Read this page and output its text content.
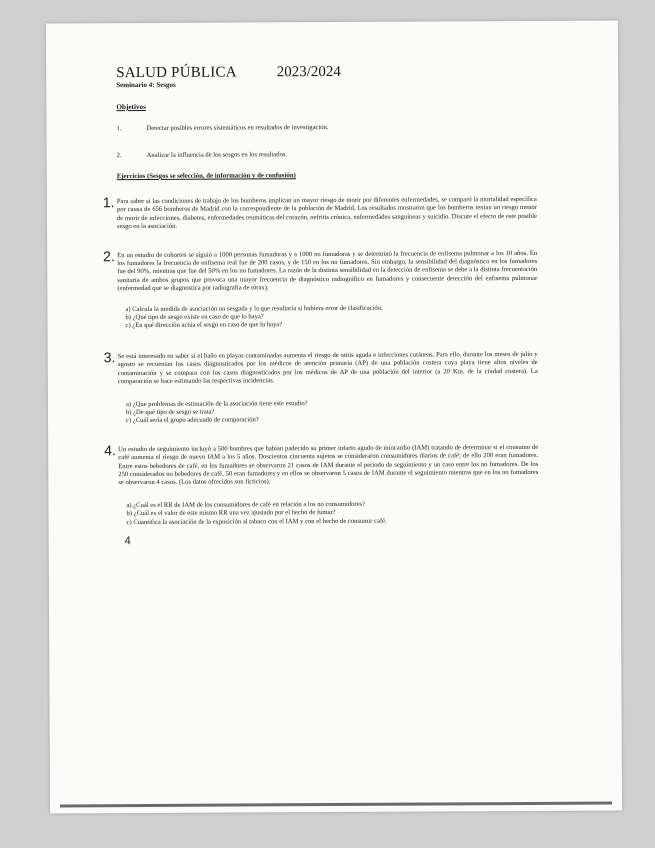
SALUD PÚBLICA	2023/2024
Seminario 4: Sesgos
Objetivos
1.	Detectar posibles errores sistemáticos en resultados de investigación.
2.	Analizar la influencia de los sesgos en los resultados.
Ejercicios (Sesgos se selección, de información y de confusión)
1. Para saber si las condiciones de trabajo de los bomberos implican un mayor riesgo de morir por diferentes enfermedades, se comparó la mortalidad específica por causa de 656 bomberos de Madrid con la correspondiente de la población de Madrid. Los resultados mostraron que los bomberos tenían un riesgo menor de morir de infecciones, diabetes, enfermedades reumáticas del corazón, nefritis crónica, enfermedades sanguíneas y suicidio. Discute el efecto de este posible sesgo en la asociación.
2. En un estudio de cohortes se siguió a 1000 personas fumadoras y a 1000 no fumadoras y se determinó la frecuencia de enfisema pulmonar a los 10 años. En los fumadores la frecuencia de enfisema real fue de 200 casos, y de 150 en los no fumadores. Sin embargo, la sensibilidad del diagnóstico en los fumadores fue del 90%, mientras que fue del 50% en los no fumadores. La razón de la distinta sensibilidad en la detección de enfisema se debe a la distinta frecuentación sanitaria de ambos grupos que provoca una mayor frecuencia de diagnóstico radiográfico en fumadores y consecuente detección del enfisema pulmonar (enfermedad que se diagnostica por radiografía de tórax).
a) Calcula la medida de asociación no sesgada y la que resultaría si hubiera error de clasificación.
b) ¿Qué tipo de sesgo existe en caso de que lo haya?
c) ¿En qué dirección actúa el sesgo en caso de que lo haya?
3. Se está interesado en saber si el baño en playas contaminadas aumenta el riesgo de otitis aguda e infecciones cutáneas. Para ello, durante los meses de julio y agosto se recuentan los casos diagnosticados por los médicos de atención primaria (AP) de una población costera cuya playa tiene altos niveles de contaminación y se compara con los casos diagnosticados por los médicos de AP de una población del interior (a 20 Km. de la ciudad costera). La comparación se hace estimando las respectivas incidencias.
a) ¿Que problemas de estimación de la asociación tiene este estudio?
b) ¿De qué tipo de sesgo se trata?
c) ¿Cuál sería el grupo adecuado de comparación?
4. Un estudio de seguimiento incluyó a 500 hombres que habían padecido su primer infarto agudo de miocardio (IAM) tratando de determinar si el consumo de café aumenta el riesgo de nuevo IAM a los 5 años. Doscientos cincuenta sujetos se consideraron consumidores diarios de café; de ello 200 eran fumadores. Entre estos bebedores de café, en los fumadores se observaron 21 casos de IAM durante el periodo de seguimiento y un caso entre los no fumadores. De los 250 considerados no bebedores de café, 50 eran fumadores y en ellos se observaron 5 casos de IAM durante el seguimiento mientras que en los no fumadores se observaron 4 casos. (Los datos ofrecidos son ficticios).
a) ¿Cuál es el RR de IAM de los consumidores de café en relación a los no consumidores?
b) ¿Cuál es el valor de este mismo RR una vez ajustado por el hecho de fumar?
c) Cuantifica la asociación de la exposición al tabaco con el IAM y con el hecho de consumir café.
4
